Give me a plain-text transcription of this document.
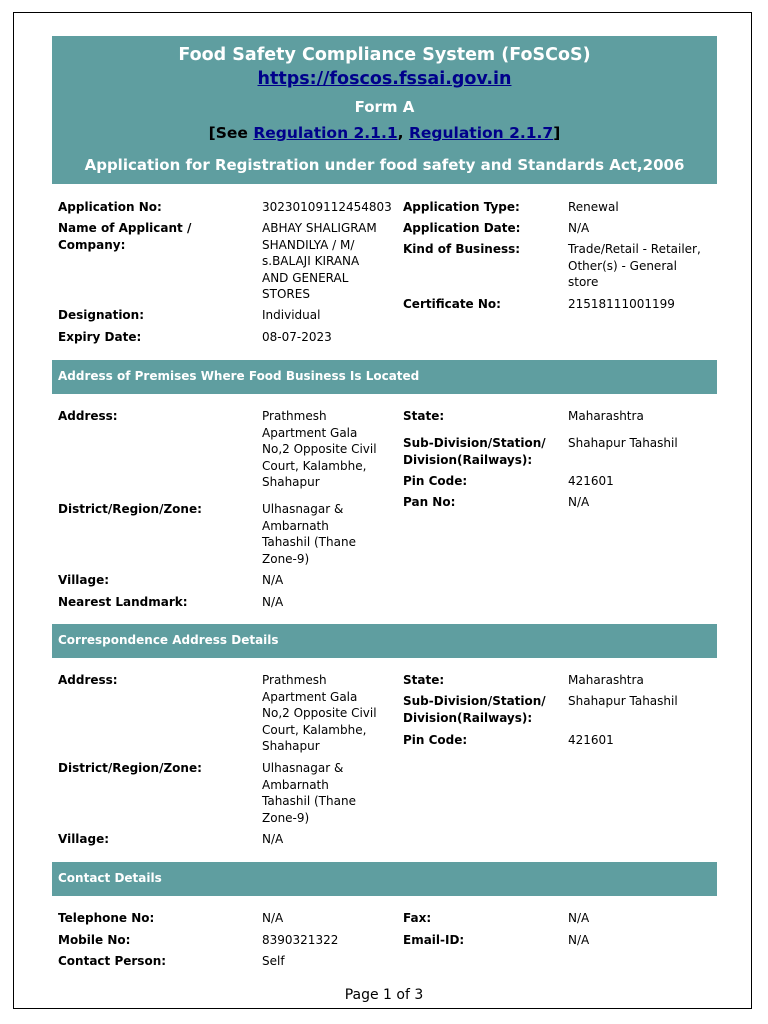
Food Safety Compliance System (FoSCoS)
https://foscos.fssai.gov.in
Form A
[See Regulation 2.1.1, Regulation 2.1.7]
Application for Registration under food safety and Standards Act,2006
Application No:	30230109112454803
Name of Applicant / Company:
ABHAY SHALIGRAM SHANDILYA / M/ s.BALAJI KIRANA AND GENERAL STORES
Designation:	Individual
Expiry Date:	08-07-2023
Application Type:	Renewal
Application Date:	N/A
Kind of Business:	Trade/Retail - Retailer, Other(s) - General store
Certificate No:	21518111001199
Address of Premises Where Food Business Is Located
Address:	Prathmesh Apartment Gala No,2 Opposite Civil Court, Kalambhe, Shahapur
District/Region/Zone:	Ulhasnagar & Ambarnath Tahashil (Thane Zone-9)
Village:	N/A
Nearest Landmark:	N/A
State:	Maharashtra
Sub-Division/Station/ Division(Railways):
Shahapur Tahashil
Pin Code:	421601
Pan No:	N/A
Correspondence Address Details
Address:	Prathmesh Apartment Gala No,2 Opposite Civil Court, Kalambhe, Shahapur
District/Region/Zone:	Ulhasnagar & Ambarnath Tahashil (Thane Zone-9)
Village:	N/A
State:	Maharashtra
Sub-Division/Station/ Division(Railways):
Shahapur Tahashil
Pin Code:	421601
Contact Details
Telephone No:	N/A
Mobile No:	8390321322
Contact Person:	Self
Fax:	N/A
Email-ID:	N/A
Page 1 of 3
